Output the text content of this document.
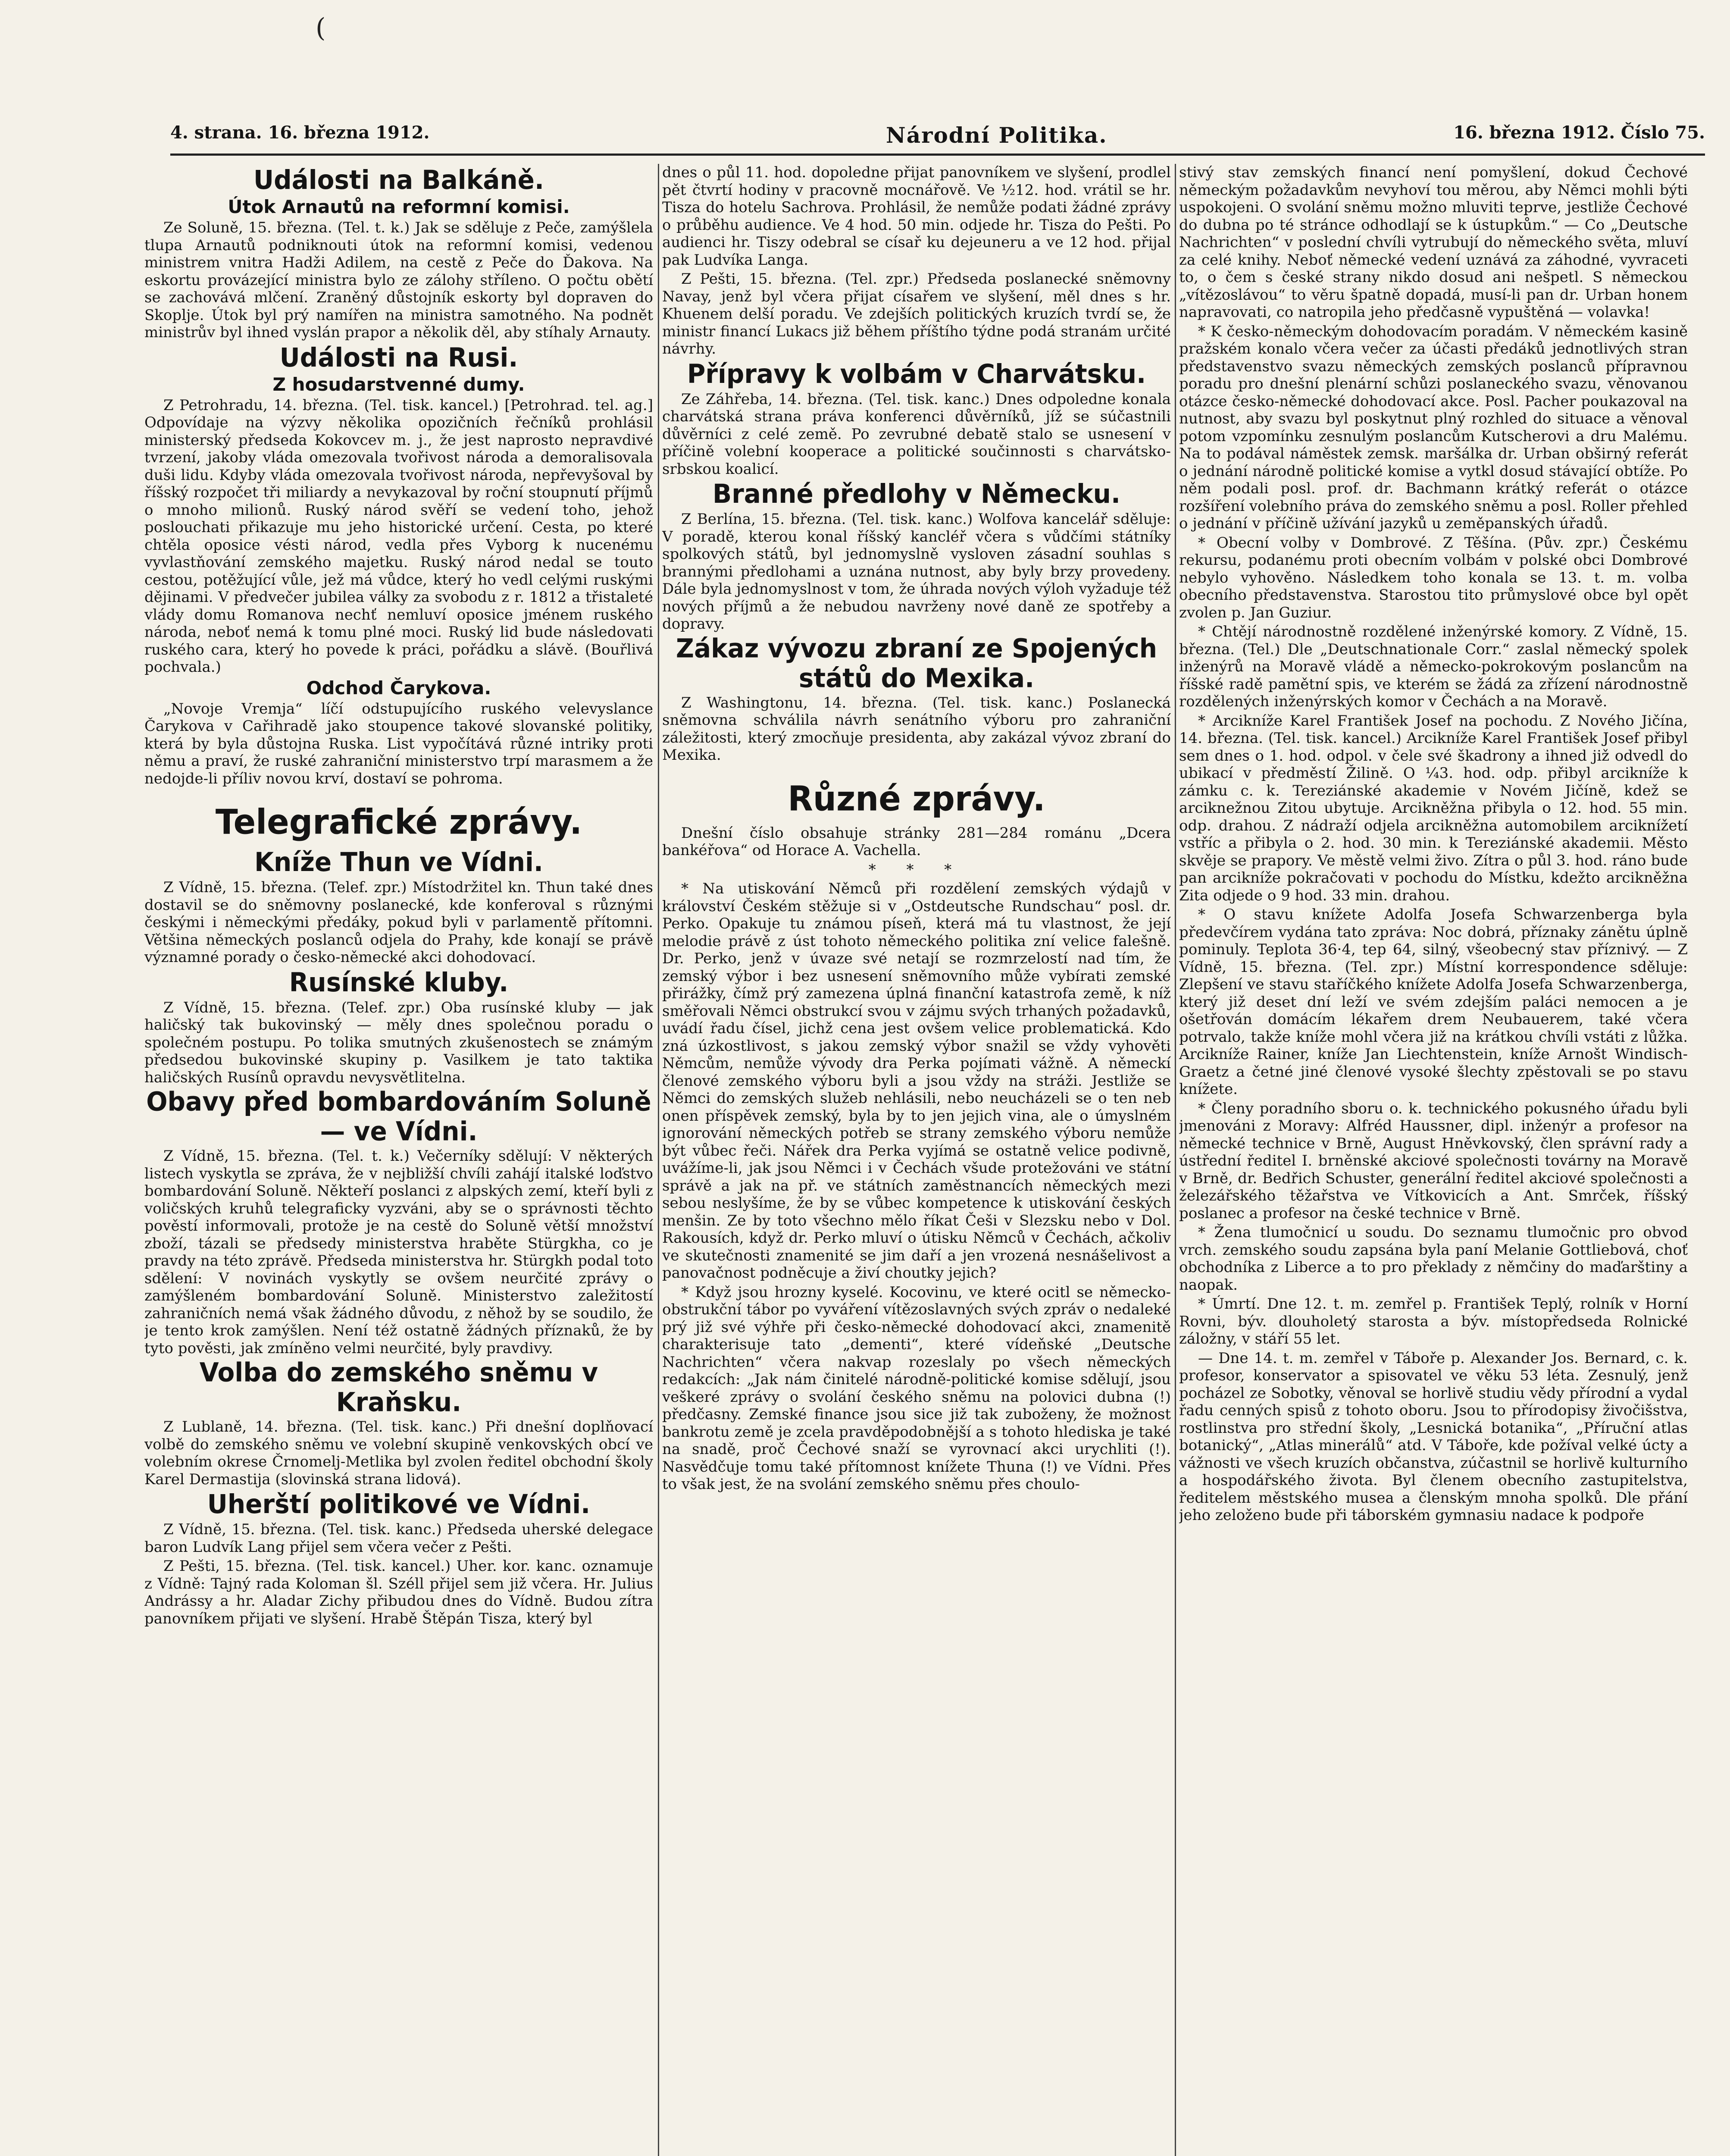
(
4. strana. 16. března 1912.	Národní Politika.	16. března 1912. Číslo 75.
Události na Balkáně.
Útok Arnautů na reformní komisi.

Ze Soluně, 15. března. (Tel. t. k.) Jak se sděluje z Peče, zamýšlela tlupa Arnautů podniknouti útok na reformní komisi, vedenou ministrem vnitra Hadži Adilem, na cestě z Peče do Ďakova. Na eskortu provázející ministra bylo ze zálohy stříleno. O počtu obětí se zachovává mlčení. Zraněný důstojník eskorty byl dopraven do Skoplje. Útok byl prý namířen na ministra samotného. Na podnět ministrův byl ihned vyslán prapor a několik děl, aby stíhaly Arnauty.

Události na Rusi.
Z hosudarstvenné dumy.

Z Petrohradu, 14. března. (Tel. tisk. kancel.) [Petrohrad. tel. ag.] Odpovídaje na výzvy několika opozičních řečníků prohlásil ministerský předseda Kokovcev m. j., že jest naprosto nepravdivé tvrzení, jakoby vláda omezovala tvořivost národa a demoralisovala duši lidu. Kdyby vláda omezovala tvořivost národa, nepřevyšoval by říšský rozpočet tři miliardy a nevykazoval by roční stoupnutí příjmů o mnoho milionů. Ruský národ svěří se vedení toho, jehož poslouchati přikazuje mu jeho historické určení. Cesta, po které chtěla oposice vésti národ, vedla přes Vyborg k nucenému vyvlastňování zemského majetku. Ruský národ nedal se touto cestou, potěžující vůle, jež má vůdce, který ho vedl celými ruskými dějinami. V předvečer jubilea války za svobodu z r. 1812 a třistaleté vlády domu Romanova nechť nemluví oposice jménem ruského národa, neboť nemá k tomu plné moci. Ruský lid bude následovati ruského cara, který ho povede k práci, pořádku a slávě. (Bouřlivá pochvala.)

Odchod Čarykova.

„Novoje Vremja“ líčí odstupujícího ruského velevyslance Čarykova v Cařihradě jako stoupence takové slovanské politiky, která by byla důstojna Ruska. List vypočítává různé intriky proti němu a praví, že ruské zahraniční ministerstvo trpí marasmem a že nedojde-li příliv novou krví, dostaví se pohroma.

Telegrafické zprávy.
Kníže Thun ve Vídni.

Z Vídně, 15. března. (Telef. zpr.) Místodržitel kn. Thun také dnes dostavil se do sněmovny poslanecké, kde konferoval s různými českými i německými předáky, pokud byli v parlamentě přítomni. Většina německých poslanců odjela do Prahy, kde konají se právě významné porady o česko-německé akci dohodovací.

Rusínské kluby.

Z Vídně, 15. března. (Telef. zpr.) Oba rusínské kluby — jak haličský tak bukovinský — měly dnes společnou poradu o společném postupu. Po tolika smutných zkušenostech se známým předsedou bukovinské skupiny p. Vasilkem je tato taktika haličských Rusínů opravdu nevysvětlitelna.

Obavy před bombardováním Soluně — ve Vídni.

Z Vídně, 15. března. (Tel. t. k.) Večerníky sdělují: V některých listech vyskytla se zpráva, že v nejbližší chvíli zahájí italské loďstvo bombardování Soluně. Někteří poslanci z alpských zemí, kteří byli z voličských kruhů telegraficky vyzváni, aby se o správnosti těchto pověstí informovali, protože je na cestě do Soluně větší množství zboží, tázali se předsedy ministerstva hraběte Stürgkha, co je pravdy na této zprávě. Předseda ministerstva hr. Stürgkh podal toto sdělení: V novinách vyskytly se ovšem neurčité zprávy o zamýšleném bombardování Soluně. Ministerstvo zaležitostí zahraničních nemá však žádného důvodu, z něhož by se soudilo, že je tento krok zamýšlen. Není též ostatně žádných příznaků, že by tyto pověsti, jak zmíněno velmi neurčité, byly pravdivy.

Volba do zemského sněmu v Kraňsku.

Z Lublaně, 14. března. (Tel. tisk. kanc.) Při dnešní doplňovací volbě do zemského sněmu ve volební skupině venkovských obcí ve volebním okrese Črnomelj-Metlika byl zvolen ředitel obchodní školy Karel Dermastija (slovinská strana lidová).

Uherští politikové ve Vídni.

Z Vídně, 15. března. (Tel. tisk. kanc.) Předseda uherské delegace baron Ludvík Lang přijel sem včera večer z Pešti.

Z Pešti, 15. března. (Tel. tisk. kancel.) Uher. kor. kanc. oznamuje z Vídně: Tajný rada Koloman šl. Széll přijel sem již včera. Hr. Julius Andrássy a hr. Aladar Zichy přibudou dnes do Vídně. Budou zítra panovníkem přijati ve slyšení. Hrabě Štěpán Tisza, který byl

dnes o půl 11. hod. dopoledne přijat panovníkem ve slyšení, prodlel pět čtvrtí hodiny v pracovně mocnářově. Ve ½12. hod. vrátil se hr. Tisza do hotelu Sachrova. Prohlásil, že nemůže podati žádné zprávy o průběhu audience. Ve 4 hod. 50 min. odjede hr. Tisza do Pešti. Po audienci hr. Tiszy odebral se císař ku dejeuneru a ve 12 hod. přijal pak Ludvíka Langa.

Z Pešti, 15. března. (Tel. zpr.) Předseda poslanecké sněmovny Navay, jenž byl včera přijat císařem ve slyšení, měl dnes s hr. Khuenem delší poradu. Ve zdejších politických kruzích tvrdí se, že ministr financí Lukacs již během příštího týdne podá stranám určité návrhy.

Přípravy k volbám v Charvátsku.

Ze Záhřeba, 14. března. (Tel. tisk. kanc.) Dnes odpoledne konala charvátská strana práva konferenci důvěrníků, jíž se súčastnili důvěrníci z celé země. Po zevrubné debatě stalo se usnesení v příčině volební kooperace a politické součinnosti s charvátsko-srbskou koalicí.

Branné předlohy v Německu.

Z Berlína, 15. března. (Tel. tisk. kanc.) Wolfova kancelář sděluje: V poradě, kterou konal říšský kancléř včera s vůdčími státníky spolkových států, byl jednomyslně vysloven zásadní souhlas s brannými předlohami a uznána nutnost, aby byly brzy provedeny. Dále byla jednomyslnost v tom, že úhrada nových výloh vyžaduje též nových příjmů a že nebudou navrženy nové daně ze spotřeby a dopravy.

Zákaz vývozu zbraní ze Spojených států do Mexika.

Z Washingtonu, 14. března. (Tel. tisk. kanc.) Poslanecká sněmovna schválila návrh senátního výboru pro zahraniční záležitosti, který zmocňuje presidenta, aby zakázal vývoz zbraní do Mexika.

Různé zprávy.

Dnešní číslo obsahuje stránky 281—284 románu „Dcera bankéřova“ od Horace A. Vachella.

* * *

* Na utiskování Němců při rozdělení zemských výdajů v království Českém stěžuje si v „Ostdeutsche Rundschau“ posl. dr. Perko. Opakuje tu známou píseň, která má tu vlastnost, že její melodie právě z úst tohoto německého politika zní velice falešně. Dr. Perko, jenž v úvaze své netají se rozmrzelostí nad tím, že zemský výbor i bez usnesení sněmovního může vybírati zemské přirážky, čímž prý zamezena úplná finanční katastrofa země, k níž směřovali Němci obstrukcí svou v zájmu svých trhaných požadavků, uvádí řadu čísel, jichž cena jest ovšem velice problematická. Kdo zná úzkostlivost, s jakou zemský výbor snažil se vždy vyhověti Němcům, nemůže vývody dra Perka pojímati vážně. A německí členové zemského výboru byli a jsou vždy na stráži. Jestliže se Němci do zemských služeb nehlásili, nebo neucházeli se o ten neb onen příspěvek zemský, byla by to jen jejich vina, ale o úmyslném ignorování německých potřeb se strany zemského výboru nemůže být vůbec řeči. Nářek dra Perka vyjímá se ostatně velice podivně, uvážíme-li, jak jsou Němci i v Čechách všude protežováni ve státní správě a jak na př. ve státních zaměstnancích německých mezi sebou neslyšíme, že by se vůbec kompetence k utiskování českých menšin. Ze by toto všechno mělo říkat Češi v Slezsku nebo v Dol. Rakousích, když dr. Perko mluví o útisku Němců v Čechách, ačkoliv ve skutečnosti znamenité se jim daří a jen vrozená nesnášelivost a panovačnost podněcuje a živí choutky jejich?

* Když jsou hrozny kyselé. Kocovinu, ve které ocitl se německo-obstrukční tábor po vyváření vítězoslavných svých zpráv o nedaleké prý již své výhře při česko-německé dohodovací akci, znamenitě charakterisuje tato „dementi“, které vídeňské „Deutsche Nachrichten“ včera nakvap rozeslaly po všech německých redakcích: „Jak nám činitelé národně-politické komise sdělují, jsou veškeré zprávy o svolání českého sněmu na polovici dubna (!) předčasny. Zemské finance jsou sice již tak zuboženy, že možnost bankrotu země je zcela pravděpodobnější a s tohoto hlediska je také na snadě, proč Čechové snaží se vyrovnací akci urychliti (!). Nasvědčuje tomu také přítomnost knížete Thuna (!) ve Vídni. Přes to však jest, že na svolání zemského sněmu přes choulo-

stivý stav zemských financí není pomyšlení, dokud Čechové německým požadavkům nevyhoví tou měrou, aby Němci mohli býti uspokojeni. O svolání sněmu možno mluviti teprve, jestliže Čechové do dubna po té stránce odhodlají se k ústupkům.“ — Co „Deutsche Nachrichten“ v poslední chvíli vytrubují do německého světa, mluví za celé knihy. Neboť německé vedení uznává za záhodné, vyvraceti to, o čem s české strany nikdo dosud ani nešpetl. S německou „vítězoslávou“ to věru špatně dopadá, musí-li pan dr. Urban honem napravovati, co natropila jeho předčasně vypuštěná — volavka!

* K česko-německým dohodovacím poradám. V německém kasině pražském konalo včera večer za účasti předáků jednotlivých stran představenstvo svazu německých zemských poslanců přípravnou poradu pro dnešní plenární schůzi poslaneckého svazu, věnovanou otázce česko-německé dohodovací akce. Posl. Pacher poukazoval na nutnost, aby svazu byl poskytnut plný rozhled do situace a věnoval potom vzpomínku zesnulým poslancům Kutscherovi a dru Malému. Na to podával náměstek zemsk. maršálka dr. Urban obširný referát o jednání národně politické komise a vytkl dosud stávající obtíže. Po něm podali posl. prof. dr. Bachmann krátký referát o otázce rozšíření volebního práva do zemského sněmu a posl. Roller přehled o jednání v příčině užívání jazyků u zeměpanských úřadů.

* Obecní volby v Dombrové. Z Těšína. (Pův. zpr.) Českému rekursu, podanému proti obecním volbám v polské obci Dombrové nebylo vyhověno. Následkem toho konala se 13. t. m. volba obecního představenstva. Starostou tito průmyslové obce byl opět zvolen p. Jan Guziur.

* Chtějí národnostně rozdělené inženýrské komory. Z Vídně, 15. března. (Tel.) Dle „Deutschnationale Corr.“ zaslal německý spolek inženýrů na Moravě vládě a německo-pokrokovým poslancům na říšské radě pamětní spis, ve kterém se žádá za zřízení národnostně rozdělených inženýrských komor v Čechách a na Moravě.

* Arcikníže Karel František Josef na pochodu. Z Nového Jičína, 14. března. (Tel. tisk. kancel.) Arcikníže Karel František Josef přibyl sem dnes o 1. hod. odpol. v čele své škadrony a ihned již odvedl do ubikací v předměstí Žilině. O ¼3. hod. odp. přibyl arcikníže k zámku c. k. Tereziánské akademie v Novém Jičíně, kdež se arciknežnou Zitou ubytuje. Arcikněžna přibyla o 12. hod. 55 min. odp. drahou. Z nádraží odjela arcikněžna automobilem arciknížetí vstříc a přibyla o 2. hod. 30 min. k Tereziánské akademii. Město skvěje se prapory. Ve městě velmi živo. Zítra o půl 3. hod. ráno bude pan arcikníže pokračovati v pochodu do Místku, kdežto arcikněžna Zita odjede o 9 hod. 33 min. drahou.

* O stavu knížete Adolfa Josefa Schwarzenberga byla předevčírem vydána tato zpráva: Noc dobrá, příznaky zánětu úplně pominuly. Teplota 36·4, tep 64, silný, všeobecný stav příznivý. — Z Vídně, 15. března. (Tel. zpr.) Místní korrespondence sděluje: Zlepšení ve stavu staříčkého knížete Adolfa Josefa Schwarzenberga, který již deset dní leží ve svém zdejším paláci nemocen a je ošetřován domácím lékařem drem Neubauerem, také včera potrvalo, takže kníže mohl včera již na krátkou chvíli vstáti z lůžka. Arcikníže Rainer, kníže Jan Liechtenstein, kníže Arnošt Windisch-Graetz a četné jiné členové vysoké šlechty zpěstovali se po stavu knížete.

* Členy poradního sboru o. k. technického pokusného úřadu byli jmenováni z Moravy: Alfréd Haussner, dipl. inženýr a profesor na německé technice v Brně, August Hněvkovský, člen správní rady a ústřední ředitel I. brněnské akciové společnosti továrny na Moravě v Brně, dr. Bedřich Schuster, generální ředitel akciové společnosti a železářského těžařstva ve Vítkovicích a Ant. Smrček, říšský poslanec a profesor na české technice v Brně.

* Žena tlumočnicí u soudu. Do seznamu tlumočnic pro obvod vrch. zemského soudu zapsána byla paní Melanie Gottliebová, choť obchodníka z Liberce a to pro překlady z němčiny do maďarštiny a naopak.

* Úmrtí. Dne 12. t. m. zemřel p. František Teplý, rolník v Horní Rovni, býv. dlouholetý starosta a býv. místopředseda Rolnické záložny, v stáří 55 let.

— Dne 14. t. m. zemřel v Táboře p. Alexander Jos. Bernard, c. k. profesor, konservator a spisovatel ve věku 53 léta. Zesnulý, jenž pocházel ze Sobotky, věnoval se horlivě studiu vědy přírodní a vydal řadu cenných spisů z tohoto oboru. Jsou to přírodopisy živočišstva, rostlinstva pro střední školy, „Lesnická botanika“, „Příruční atlas botanický“, „Atlas minerálů“ atd. V Táboře, kde požíval velké úcty a vážnosti ve všech kruzích občanstva, zúčastnil se horlivě kulturního a hospodářského života. Byl členem obecního zastupitelstva, ředitelem městského musea a členským mnoha spolků. Dle přání jeho zeloženo bude při táborském gymnasiu nadace k podpoře
